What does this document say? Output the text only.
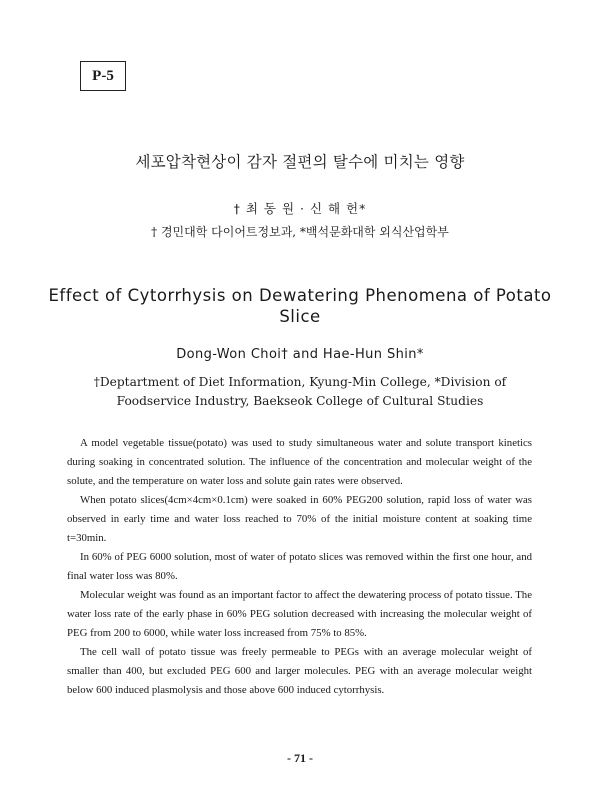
P-5
세포압착현상이 감자 절편의 탈수에 미치는 영향
† 최 동 원 · 신 해 헌*
† 경민대학 다이어트정보과, *백석문화대학 외식산업학부
Effect of Cytorrhysis on Dewatering Phenomena of Potato Slice
Dong-Won Choi† and Hae-Hun Shin*
†Deptartment of Diet Information, Kyung-Min College, *Division of
Foodservice Industry, Baekseok College of Cultural Studies

A model vegetable tissue(potato) was used to study simultaneous water and solute transport kinetics during soaking in concentrated solution. The influence of the concentration and molecular weight of the solute, and the temperature on water loss and solute gain rates were observed.

When potato slices(4cm×4cm×0.1cm) were soaked in 60% PEG200 solution, rapid loss of water was observed in early time and water loss reached to 70% of the initial moisture content at soaking time t=30min.

In 60% of PEG 6000 solution, most of water of potato slices was removed within the first one hour, and final water loss was 80%.

Molecular weight was found as an important factor to affect the dewatering process of potato tissue. The water loss rate of the early phase in 60% PEG solution decreased with increasing the molecular weight of PEG from 200 to 6000, while water loss increased from 75% to 85%.

The cell wall of potato tissue was freely permeable to PEGs with an average molecular weight of smaller than 400, but excluded PEG 600 and larger molecules. PEG with an average molecular weight below 600 induced plasmolysis and those above 600 induced cytorrhysis.

- 71 -
